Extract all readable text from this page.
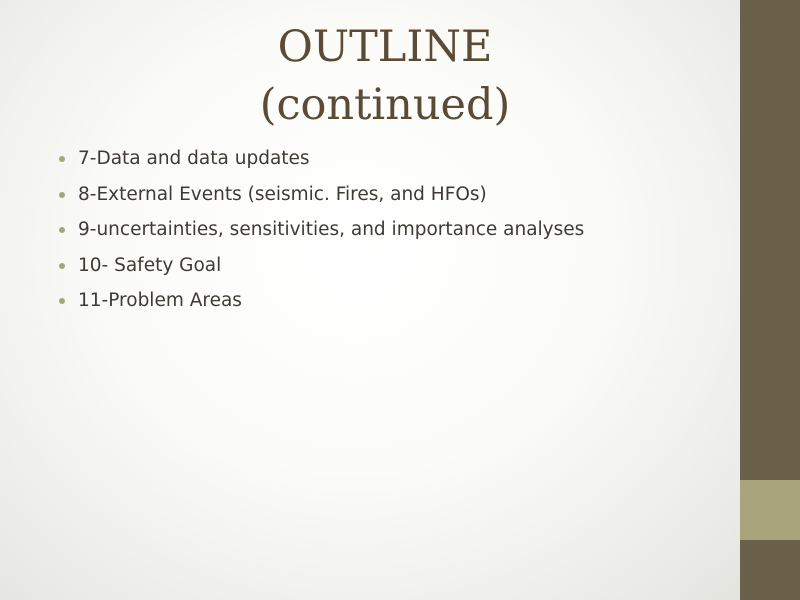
OUTLINE
(continued)
7-Data and data updates
8-External Events (seismic. Fires, and HFOs)
9-uncertainties, sensitivities, and importance analyses
10- Safety Goal
11-Problem Areas
